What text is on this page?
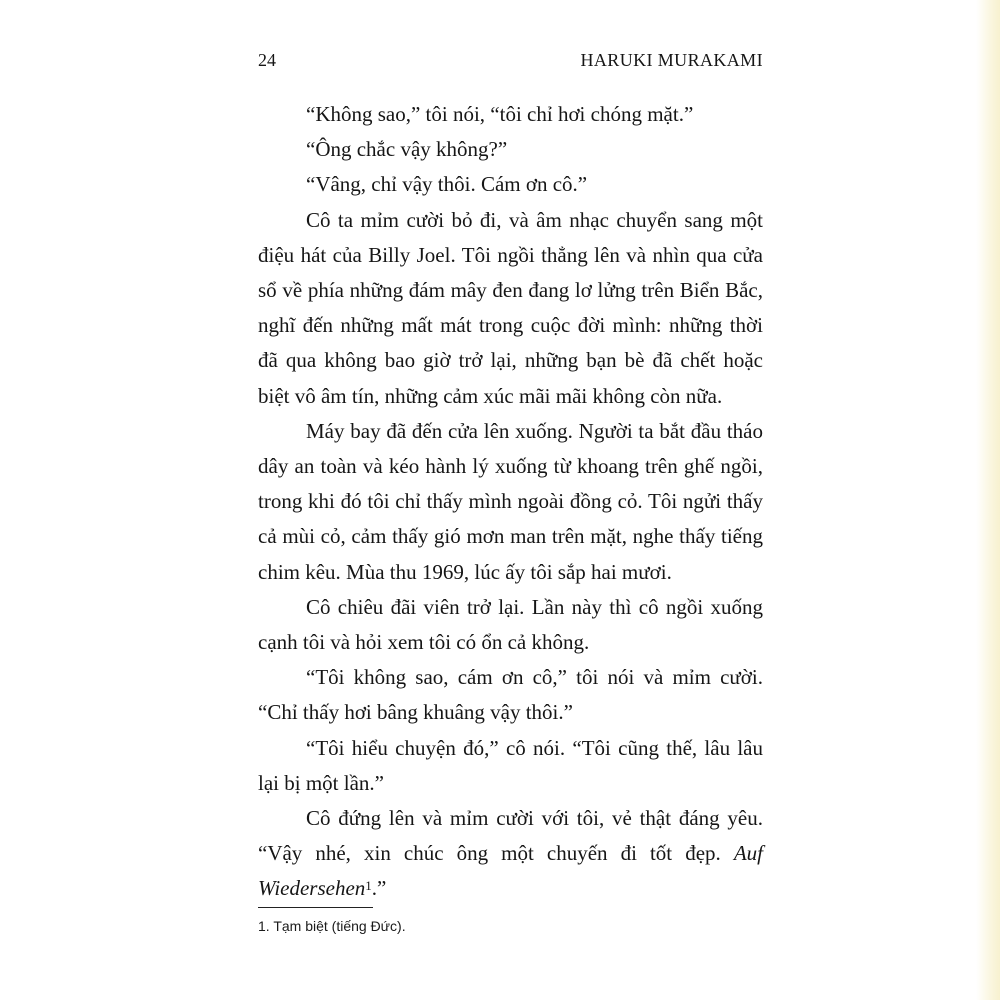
24	HARUKI MURAKAMI

“Không sao,” tôi nói, “tôi chỉ hơi chóng mặt.”

“Ông chắc vậy không?”

“Vâng, chỉ vậy thôi. Cám ơn cô.”

Cô ta mỉm cười bỏ đi, và âm nhạc chuyển sang một điệu hát của Billy Joel. Tôi ngồi thẳng lên và nhìn qua cửa sổ về phía những đám mây đen đang lơ lửng trên Biển Bắc, nghĩ đến những mất mát trong cuộc đời mình: những thời đã qua không bao giờ trở lại, những bạn bè đã chết hoặc biệt vô âm tín, những cảm xúc mãi mãi không còn nữa.

Máy bay đã đến cửa lên xuống. Người ta bắt đầu tháo dây an toàn và kéo hành lý xuống từ khoang trên ghế ngồi, trong khi đó tôi chỉ thấy mình ngoài đồng cỏ. Tôi ngửi thấy cả mùi cỏ, cảm thấy gió mơn man trên mặt, nghe thấy tiếng chim kêu. Mùa thu 1969, lúc ấy tôi sắp hai mươi.

Cô chiêu đãi viên trở lại. Lần này thì cô ngồi xuống cạnh tôi và hỏi xem tôi có ổn cả không.

“Tôi không sao, cám ơn cô,” tôi nói và mỉm cười. “Chỉ thấy hơi bâng khuâng vậy thôi.”

“Tôi hiểu chuyện đó,” cô nói. “Tôi cũng thế, lâu lâu lại bị một lần.”

Cô đứng lên và mỉm cười với tôi, vẻ thật đáng yêu. “Vậy nhé, xin chúc ông một chuyến đi tốt đẹp. Auf Wiedersehen$^1$.”

1. Tạm biệt (tiếng Đức).
